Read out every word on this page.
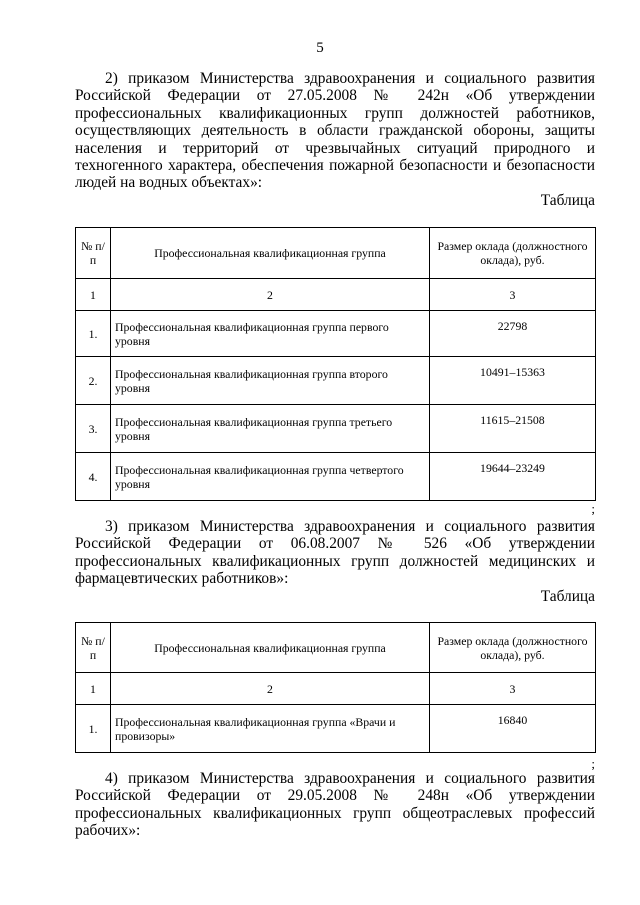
5
2) приказом Министерства здравоохранения и социального развития Российской Федерации от 27.05.2008 № 242н «Об утверждении профессиональных квалификационных групп должностей работников, осуществляющих деятельность в области гражданской обороны, защиты населения и территорий от чрезвычайных ситуаций природного и техногенного характера, обеспечения пожарной безопасности и безопасности людей на водных объектах»:
Таблица
№ п/п	Профессиональная квалификационная группа	Размер оклада (должностного оклада), руб.
1	2	3
1.	Профессиональная квалификационная группа первого уровня	22798
2.	Профессиональная квалификационная группа второго уровня	10491–15363
3.	Профессиональная квалификационная группа третьего уровня	11615–21508
4.	Профессиональная квалификационная группа четвертого уровня	19644–23249
;
3) приказом Министерства здравоохранения и социального развития Российской Федерации от 06.08.2007 № 526 «Об утверждении профессиональных квалификационных групп должностей медицинских и фармацевтических работников»:
Таблица
№ п/п	Профессиональная квалификационная группа	Размер оклада (должностного оклада), руб.
1	2	3
1.	Профессиональная квалификационная группа «Врачи и провизоры»	16840
;
4) приказом Министерства здравоохранения и социального развития Российской Федерации от 29.05.2008 № 248н «Об утверждении профессиональных квалификационных групп общеотраслевых профессий рабочих»:
